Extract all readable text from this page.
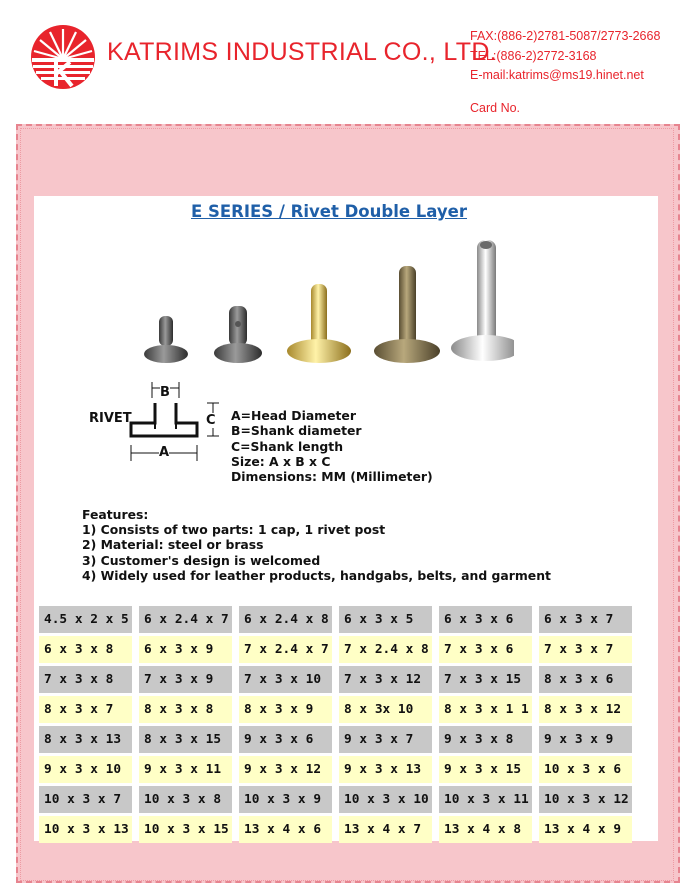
KATRIMS INDUSTRIAL CO., LTD.
FAX:(886-2)2781-5087/2773-2668
TEL:(886-2)2772-3168
E-mail:katrims@ms19.hinet.net
Card No.
E SERIES / Rivet Double Layer
B
RIVET	C
A
A=Head Diameter
B=Shank diameter
C=Shank length
Size: A x B x C
Dimensions: MM (Millimeter)
Features:
1) Consists of two parts: 1 cap, 1 rivet post
2) Material: steel or brass
3) Customer's design is welcomed
4) Widely used for leather products, handgabs, belts, and garment
4.5 x 2 x 5	6 x 2.4 x 7	6 x 2.4 x 8	6 x 3 x 5	6 x 3 x 6	6 x 3 x 7
6 x 3 x 8	6 x 3 x 9	7 x 2.4 x 7	7 x 2.4 x 8	7 x 3 x 6	7 x 3 x 7
7 x 3 x 8	7 x 3 x 9	7 x 3 x 10	7 x 3 x 12	7 x 3 x 15	8 x 3 x 6
8 x 3 x 7	8 x 3 x 8	8 x 3 x 9	8 x 3x 10	8 x 3 x 1 1	8 x 3 x 12
8 x 3 x 13	8 x 3 x 15	9 x 3 x 6	9 x 3 x 7	9 x 3 x 8	9 x 3 x 9
9 x 3 x 10	9 x 3 x 11	9 x 3 x 12	9 x 3 x 13	9 x 3 x 15	10 x 3 x 6
10 x 3 x 7	10 x 3 x 8	10 x 3 x 9	10 x 3 x 10	10 x 3 x 11	10 x 3 x 12
10 x 3 x 13	10 x 3 x 15	13 x 4 x 6	13 x 4 x 7	13 x 4 x 8	13 x 4 x 9
